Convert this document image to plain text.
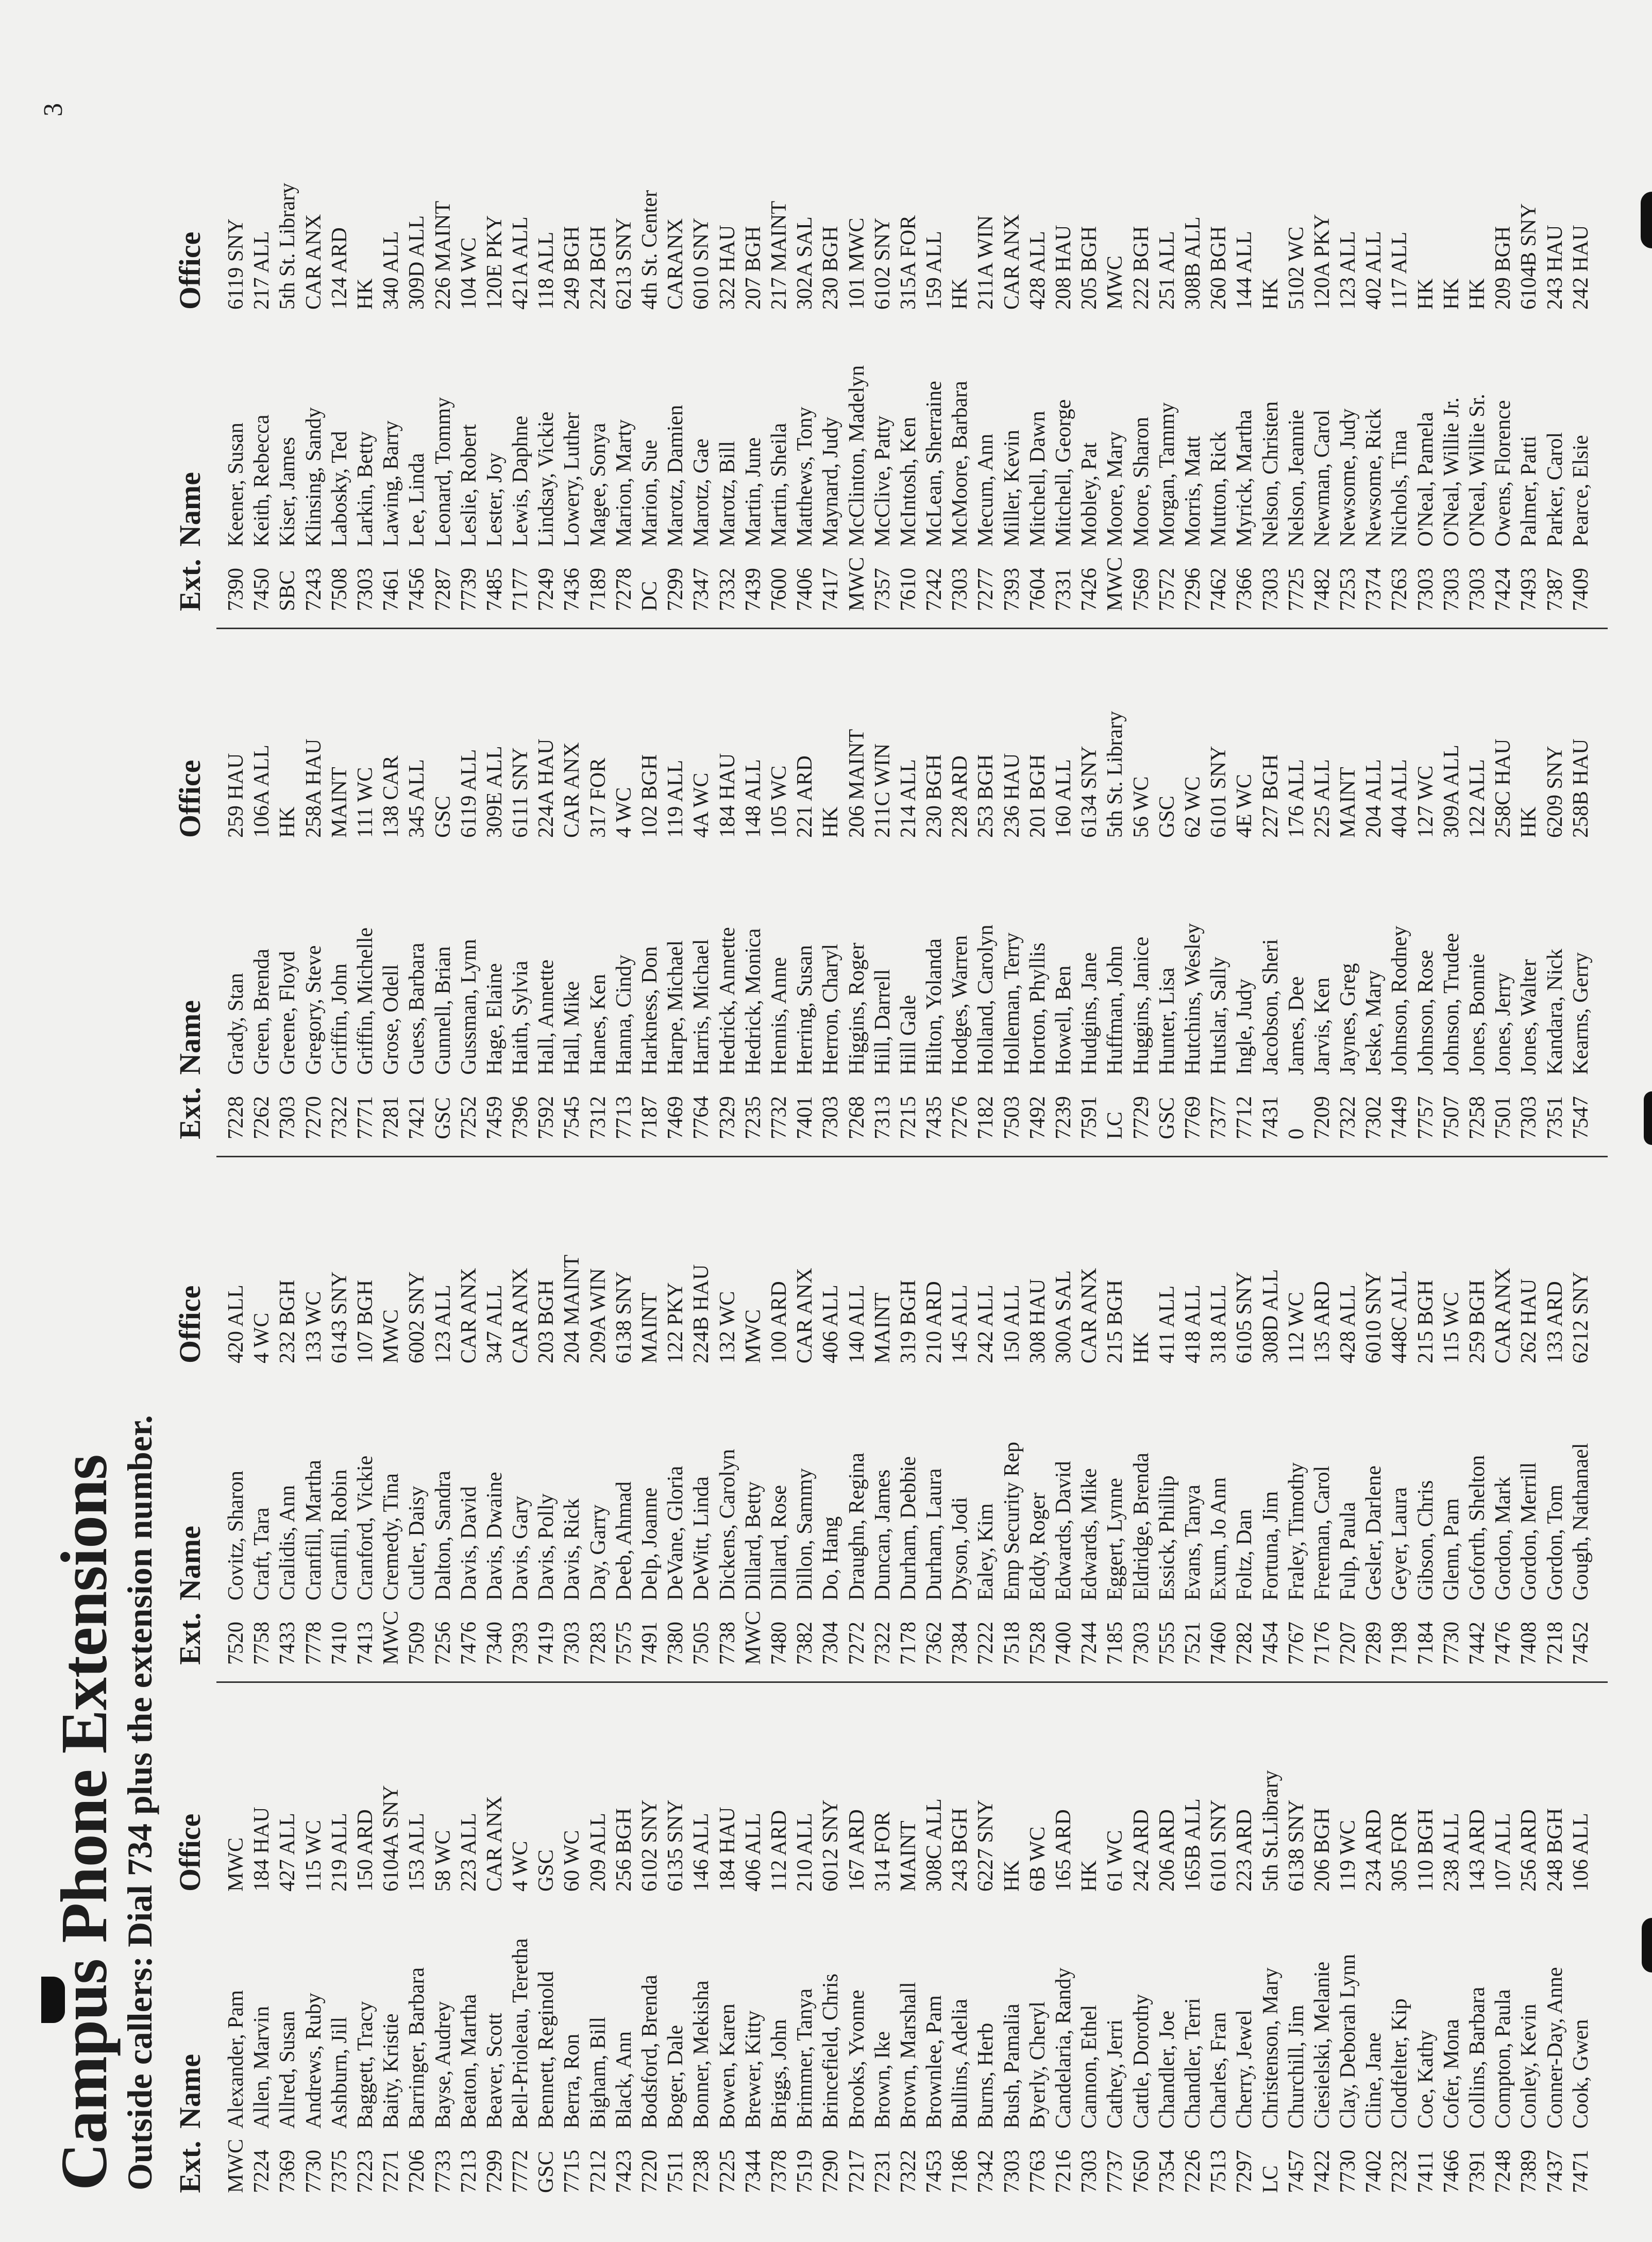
3
Campus Phone Extensions Outside callers: Dial 734 plus the extension number. Ext.
Name
Office
MWC
Alexander, Pam
MWC
7224
Allen, Marvin
184 HAU
7369
Allred, Susan
427 ALL
7730
Andrews, Ruby
115 WC
7375
Ashburn, Jill
219 ALL
7223
Baggett, Tracy
150 ARD
7271
Baity, Kristie
6104A SNY
7206
Barringer, Barbara
153 ALL
7733
Bayse, Audrey
58 WC
7213
Beaton, Martha
223 ALL
7299
Beaver, Scott
CAR ANX
7772
Bell-Prioleau, Teretha
4 WC
GSC
Bennett, Reginold
GSC
7715
Berra, Ron
60 WC
7212
Bigham, Bill
209 ALL
7423
Black, Ann
256 BGH
7220
Bodsford, Brenda
6102 SNY
7511
Boger, Dale
6135 SNY
7238
Bonner, Mekisha
146 ALL
7225
Bowen, Karen
184 HAU
7344
Brewer, Kitty
406 ALL
7378
Briggs, John
112 ARD
7519
Brimmer, Tanya
210 ALL
7290
Brincefield, Chris
6012 SNY
7217
Brooks, Yvonne
167 ARD
7231
Brown, Ike
314 FOR
7322
Brown, Marshall
MAINT
7453
Brownlee, Pam
308C ALL
7186
Bullins, Adelia
243 BGH
7342
Burns, Herb
6227 SNY
7303
Bush, Pamalia
HK
7763
Byerly, Cheryl
6B WC
7216
Candelaria, Randy
165 ARD
7303
Cannon, Ethel
HK
7737
Cathey, Jerri
61 WC
7650
Cattle, Dorothy
242 ARD
7354
Chandler, Joe
206 ARD
7226
Chandler, Terri
165B ALL
7513
Charles, Fran
6101 SNY
7297
Cherry, Jewel
223 ARD
LC
Christenson, Mary
5th St.Library
7457
Churchill, Jim
6138 SNY
7422
Ciesielski, Melanie
206 BGH
7730
Clay, Deborah Lynn
119 WC
7402
Cline, Jane
234 ARD
7232
Clodfelter, Kip
305 FOR
7411
Coe, Kathy
110 BGH
7466
Cofer, Mona
238 ALL
7391
Collins, Barbara
143 ARD
7248
Compton, Paula
107 ALL
7389
Conley, Kevin
256 ARD
7437
Conner-Day, Anne
248 BGH
7471
Cook, Gwen
106 ALL
Ext.
Name
Office
7520
Covitz, Sharon
420 ALL
7758
Craft, Tara
4 WC
7433
Cralidis, Ann
232 BGH
7778
Cranfill, Martha
133 WC
7410
Cranfill, Robin
6143 SNY
7413
Cranford, Vickie
107 BGH
MWC
Cremedy, Tina
MWC
7509
Cutler, Daisy
6002 SNY
7256
Dalton, Sandra
123 ALL
7476
Davis, David
CAR ANX
7340
Davis, Dwaine
347 ALL
7393
Davis, Gary
CAR ANX
7419
Davis, Polly
203 BGH
7303
Davis, Rick
204 MAINT
7283
Day, Garry
209A WIN
7575
Deeb, Ahmad
6138 SNY
7491
Delp, Joanne
MAINT
7380
DeVane, Gloria
122 PKY
7505
DeWitt, Linda
224B HAU
7738
Dickens, Carolyn
132 WC
MWC
Dillard, Betty
MWC
7480
Dillard, Rose
100 ARD
7382
Dillon, Sammy
CAR ANX
7304
Do, Hang
406 ALL
7272
Draughn, Regina
140 ALL
7322
Duncan, James
MAINT
7178
Durham, Debbie
319 BGH
7362
Durham, Laura
210 ARD
7384
Dyson, Jodi
145 ALL
7222
Ealey, Kim
242 ALL
7518
Emp Security Rep
150 ALL
7528
Eddy, Roger
308 HAU
7400
Edwards, David
300A SAL
7244
Edwards, Mike
CAR ANX
7185
Eggert, Lynne
215 BGH
7303
Eldridge, Brenda
HK
7555
Essick, Phillip
411 ALL
7521
Evans, Tanya
418 ALL
7460
Exum, Jo Ann
318 ALL
7282
Foltz, Dan
6105 SNY
7454
Fortuna, Jim
308D ALL
7767
Fraley, Timothy
112 WC
7176
Freeman, Carol
135 ARD
7207
Fulp, Paula
428 ALL
7289
Gesler, Darlene
6010 SNY
7198
Geyer, Laura
448C ALL
7184
Gibson, Chris
215 BGH
7730
Glenn, Pam
115 WC
7442
Goforth, Shelton
259 BGH
7476
Gordon, Mark
CAR ANX
7408
Gordon, Merrill
262 HAU
7218
Gordon, Tom
133 ARD
7452
Gough, Nathanael
6212 SNY
Ext.
Name
Office
7228
Grady, Stan
259 HAU
7262
Green, Brenda
106A ALL
7303
Greene, Floyd
HK
7270
Gregory, Steve
258A HAU
7322
Griffin, John
MAINT
7771
Griffin, Michelle
111 WC
7281
Grose, Odell
138 CAR
7421
Guess, Barbara
345 ALL
GSC
Gunnell, Brian
GSC
7252
Gussman, Lynn
6119 ALL
7459
Hage, Elaine
309E ALL
7396
Haith, Sylvia
6111 SNY
7592
Hall, Annette
224A HAU
7545
Hall, Mike
CAR ANX
7312
Hanes, Ken
317 FOR
7713
Hanna, Cindy
4 WC
7187
Harkness, Don
102 BGH
7469
Harpe, Michael
119 ALL
7764
Harris, Michael
4A WC
7329
Hedrick, Annette
184 HAU
7235
Hedrick, Monica
148 ALL
7732
Hennis, Anne
105 WC
7401
Herring, Susan
221 ARD
7303
Herron, Charyl
HK
7268
Higgins, Roger
206 MAINT
7313
Hill, Darrell
211C WIN
7215
Hill Gale
214 ALL
7435
Hilton, Yolanda
230 BGH
7276
Hodges, Warren
228 ARD
7182
Holland, Carolyn
253 BGH
7503
Holleman, Terry
236 HAU
7492
Horton, Phyllis
201 BGH
7239
Howell, Ben
160 ALL
7591
Hudgins, Jane
6134 SNY
LC
Huffman, John
5th St. Library
7729
Huggins, Janice
56 WC
GSC
Hunter, Lisa
GSC
7769
Hutchins, Wesley
62 WC
7377
Hutslar, Sally
6101 SNY
7712
Ingle, Judy
4E WC
7431
Jacobson, Sheri
227 BGH
0
James, Dee
176 ALL
7209
Jarvis, Ken
225 ALL
7322
Jaynes, Greg
MAINT
7302
Jeske, Mary
204 ALL
7449
Johnson, Rodney
404 ALL
7757
Johnson, Rose
127 WC
7507
Johnson, Trudee
309A ALL
7258
Jones, Bonnie
122 ALL
7501
Jones, Jerry
258C HAU
7303
Jones, Walter
HK
7351
Kandara, Nick
6209 SNY
7547
Kearns, Gerry
258B HAU
Ext.
Name
Office
7390
Keener, Susan
6119 SNY
7450
Keith, Rebecca
217 ALL
SBC
Kiser, James
5th St. Library
7243
Klinsing, Sandy
CAR ANX
7508
Labosky, Ted
124 ARD
7303
Larkin, Betty
HK
7461
Lawing, Barry
340 ALL
7456
Lee, Linda
309D ALL
7287
Leonard, Tommy
226 MAINT
7739
Leslie, Robert
104 WC
7485
Lester, Joy
120E PKY
7177
Lewis, Daphne
421A ALL
7249
Lindsay, Vickie
118 ALL
7436
Lowery, Luther
249 BGH
7189
Magee, Sonya
224 BGH
7278
Marion, Marty
6213 SNY
DC
Marion, Sue
4th St. Center
7299
Marotz, Damien
CARANX
7347
Marotz, Gae
6010 SNY
7332
Marotz, Bill
322 HAU
7439
Martin, June
207 BGH
7600
Martin, Sheila
217 MAINT
7406
Matthews, Tony
302A SAL
7417
Maynard, Judy
230 BGH
MWC
McClinton, Madelyn
101 MWC
7357
McClive, Patty
6102 SNY
7610
McIntosh, Ken
315A FOR
7242
McLean, Sherraine
159 ALL
7303
McMoore, Barbara
HK
7277
Mecum, Ann
211A WIN
7393
Miller, Kevin
CAR ANX
7604
Mitchell, Dawn
428 ALL
7331
Mitchell, George
208 HAU
7426
Mobley, Pat
205 BGH
MWC
Moore, Mary
MWC
7569
Moore, Sharon
222 BGH
7572
Morgan, Tammy
251 ALL
7296
Morris, Matt
308B ALL
7462
Mutton, Rick
260 BGH
7366
Myrick, Martha
144 ALL
7303
Nelson, Christen
HK
7725
Nelson, Jeannie
5102 WC
7482
Newman, Carol
120A PKY
7253
Newsome, Judy
123 ALL
7374
Newsome, Rick
402 ALL
7263
Nichols, Tina
117 ALL
7303
O'Neal, Pamela
HK
7303
O'Neal, Willie Jr.
HK
7303
O'Neal, Willie Sr.
HK
7424
Owens, Florence
209 BGH
7493
Palmer, Patti
6104B SNY
7387
Parker, Carol
243 HAU
7409
Pearce, Elsie
242 HAU
